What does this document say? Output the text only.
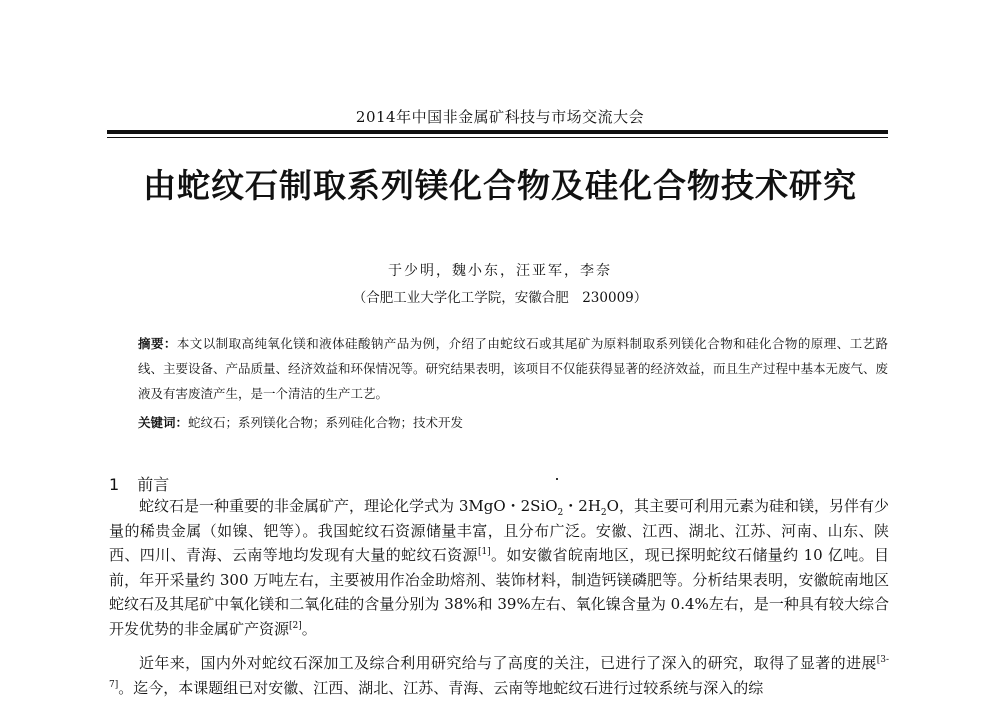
2014年中国非金属矿科技与市场交流大会
由蛇纹石制取系列镁化合物及硅化合物技术研究
于少明，魏小东，汪亚军，李奈
（合肥工业大学化工学院，安徽合肥　230009）
摘要：本文以制取高纯氧化镁和液体硅酸钠产品为例，介绍了由蛇纹石或其尾矿为原料制取系列镁化合物和硅化合物的原理、工艺路线、主要设备、产品质量、经济效益和环保情况等。研究结果表明，该项目不仅能获得显著的经济效益，而且生产过程中基本无废气、废液及有害废渣产生，是一个清洁的生产工艺。
关键词：蛇纹石；系列镁化合物；系列硅化合物；技术开发
1 前言
蛇纹石是一种重要的非金属矿产，理论化学式为 3MgO・2SiO$_2$・$2H_2O$，其主要可利用元素为硅和镁，另伴有少量的稀贵金属（如镍、钯等）。我国蛇纹石资源储量丰富，且分布广泛。安徽、江西、湖北、江苏、河南、山东、陕西、四川、青海、云南等地均发现有大量的蛇纹石资源[1]。如安徽省皖南地区，现已探明蛇纹石储量约 10 亿吨。目前，年开采量约 300 万吨左右，主要被用作冶金助熔剂、装饰材料，制造钙镁磷肥等。分析结果表明，安徽皖南地区蛇纹石及其尾矿中氧化镁和二氧化硅的含量分别为 38%和 39%左右、氧化镍含量为 0.4%左右，是一种具有较大综合开发优势的非金属矿产资源[2]。
近年来，国内外对蛇纹石深加工及综合利用研究给与了高度的关注，已进行了深入的研究，取得了显著的进展[3-7]。迄今，本课题组已对安徽、江西、湖北、江苏、青海、云南等地蛇纹石进行过较系统与深入的综
